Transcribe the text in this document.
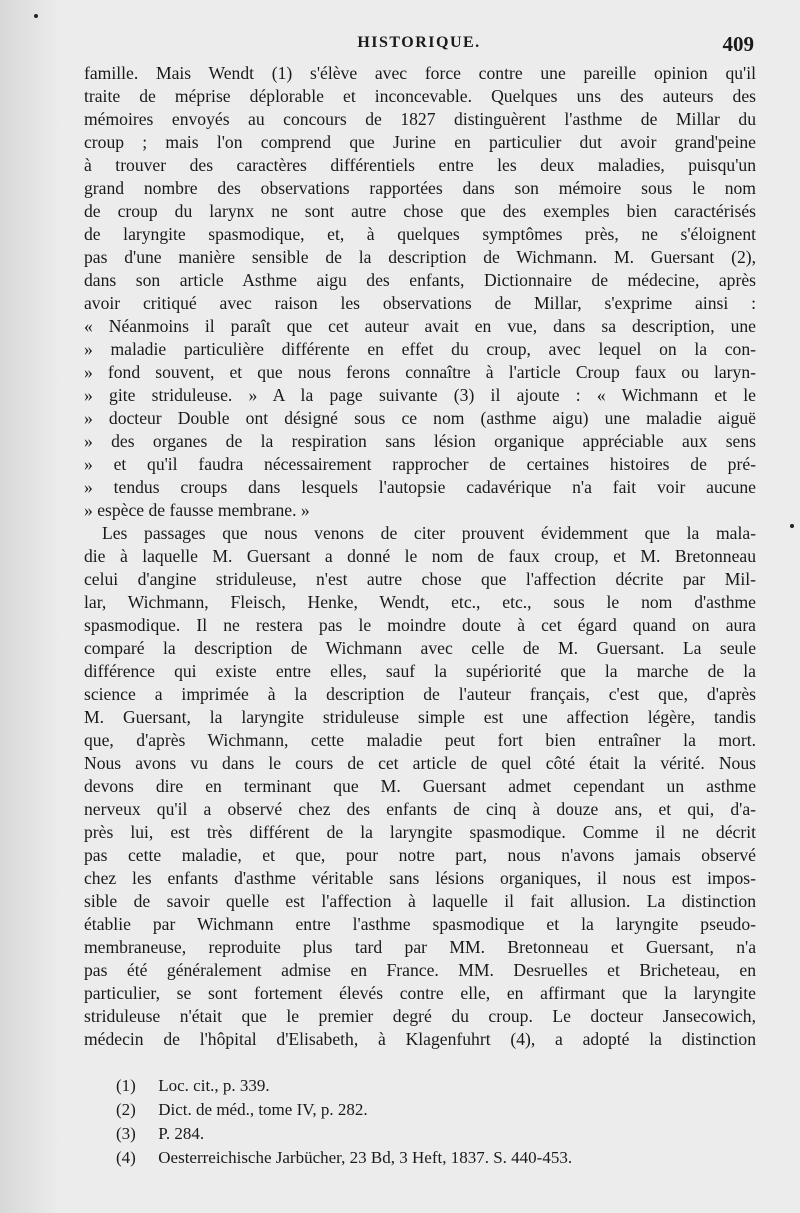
HISTORIQUE.	409
famille. Mais Wendt (1) s'élève avec force contre une pareille opinion qu'il
traite de méprise déplorable et inconcevable. Quelques uns des auteurs des
mémoires envoyés au concours de 1827 distinguèrent l'asthme de Millar du
croup ; mais l'on comprend que Jurine en particulier dut avoir grand'peine
à trouver des caractères différentiels entre les deux maladies, puisqu'un
grand nombre des observations rapportées dans son mémoire sous le nom
de croup du larynx ne sont autre chose que des exemples bien caractérisés
de laryngite spasmodique, et, à quelques symptômes près, ne s'éloignent
pas d'une manière sensible de la description de Wichmann. M. Guersant (2),
dans son article Asthme aigu des enfants, Dictionnaire de médecine, après
avoir critiqué avec raison les observations de Millar, s'exprime ainsi :
« Néanmoins il paraît que cet auteur avait en vue, dans sa description, une
» maladie particulière différente en effet du croup, avec lequel on la con-
» fond souvent, et que nous ferons connaître à l'article Croup faux ou laryn-
» gite striduleuse. » A la page suivante (3) il ajoute : « Wichmann et le
» docteur Double ont désigné sous ce nom (asthme aigu) une maladie aiguë
» des organes de la respiration sans lésion organique appréciable aux sens
» et qu'il faudra nécessairement rapprocher de certaines histoires de pré-
» tendus croups dans lesquels l'autopsie cadavérique n'a fait voir aucune
» espèce de fausse membrane. »
Les passages que nous venons de citer prouvent évidemment que la mala-
die à laquelle M. Guersant a donné le nom de faux croup, et M. Bretonneau
celui d'angine striduleuse, n'est autre chose que l'affection décrite par Mil-
lar, Wichmann, Fleisch, Henke, Wendt, etc., etc., sous le nom d'asthme
spasmodique. Il ne restera pas le moindre doute à cet égard quand on aura
comparé la description de Wichmann avec celle de M. Guersant. La seule
différence qui existe entre elles, sauf la supériorité que la marche de la
science a imprimée à la description de l'auteur français, c'est que, d'après
M. Guersant, la laryngite striduleuse simple est une affection légère, tandis
que, d'après Wichmann, cette maladie peut fort bien entraîner la mort.
Nous avons vu dans le cours de cet article de quel côté était la vérité. Nous
devons dire en terminant que M. Guersant admet cependant un asthme
nerveux qu'il a observé chez des enfants de cinq à douze ans, et qui, d'a-
près lui, est très différent de la laryngite spasmodique. Comme il ne décrit
pas cette maladie, et que, pour notre part, nous n'avons jamais observé
chez les enfants d'asthme véritable sans lésions organiques, il nous est impos-
sible de savoir quelle est l'affection à laquelle il fait allusion. La distinction
établie par Wichmann entre l'asthme spasmodique et la laryngite pseudo-
membraneuse, reproduite plus tard par MM. Bretonneau et Guersant, n'a
pas été généralement admise en France. MM. Desruelles et Bricheteau, en
particulier, se sont fortement élevés contre elle, en affirmant que la laryngite
striduleuse n'était que le premier degré du croup. Le docteur Jansecowich,
médecin de l'hôpital d'Elisabeth, à Klagenfuhrt (4), a adopté la distinction
(1) Loc. cit., p. 339.
(2) Dict. de méd., tome IV, p. 282.
(3) P. 284.
(4) Oesterreichische Jarbücher, 23 Bd, 3 Heft, 1837. S. 440-453.
